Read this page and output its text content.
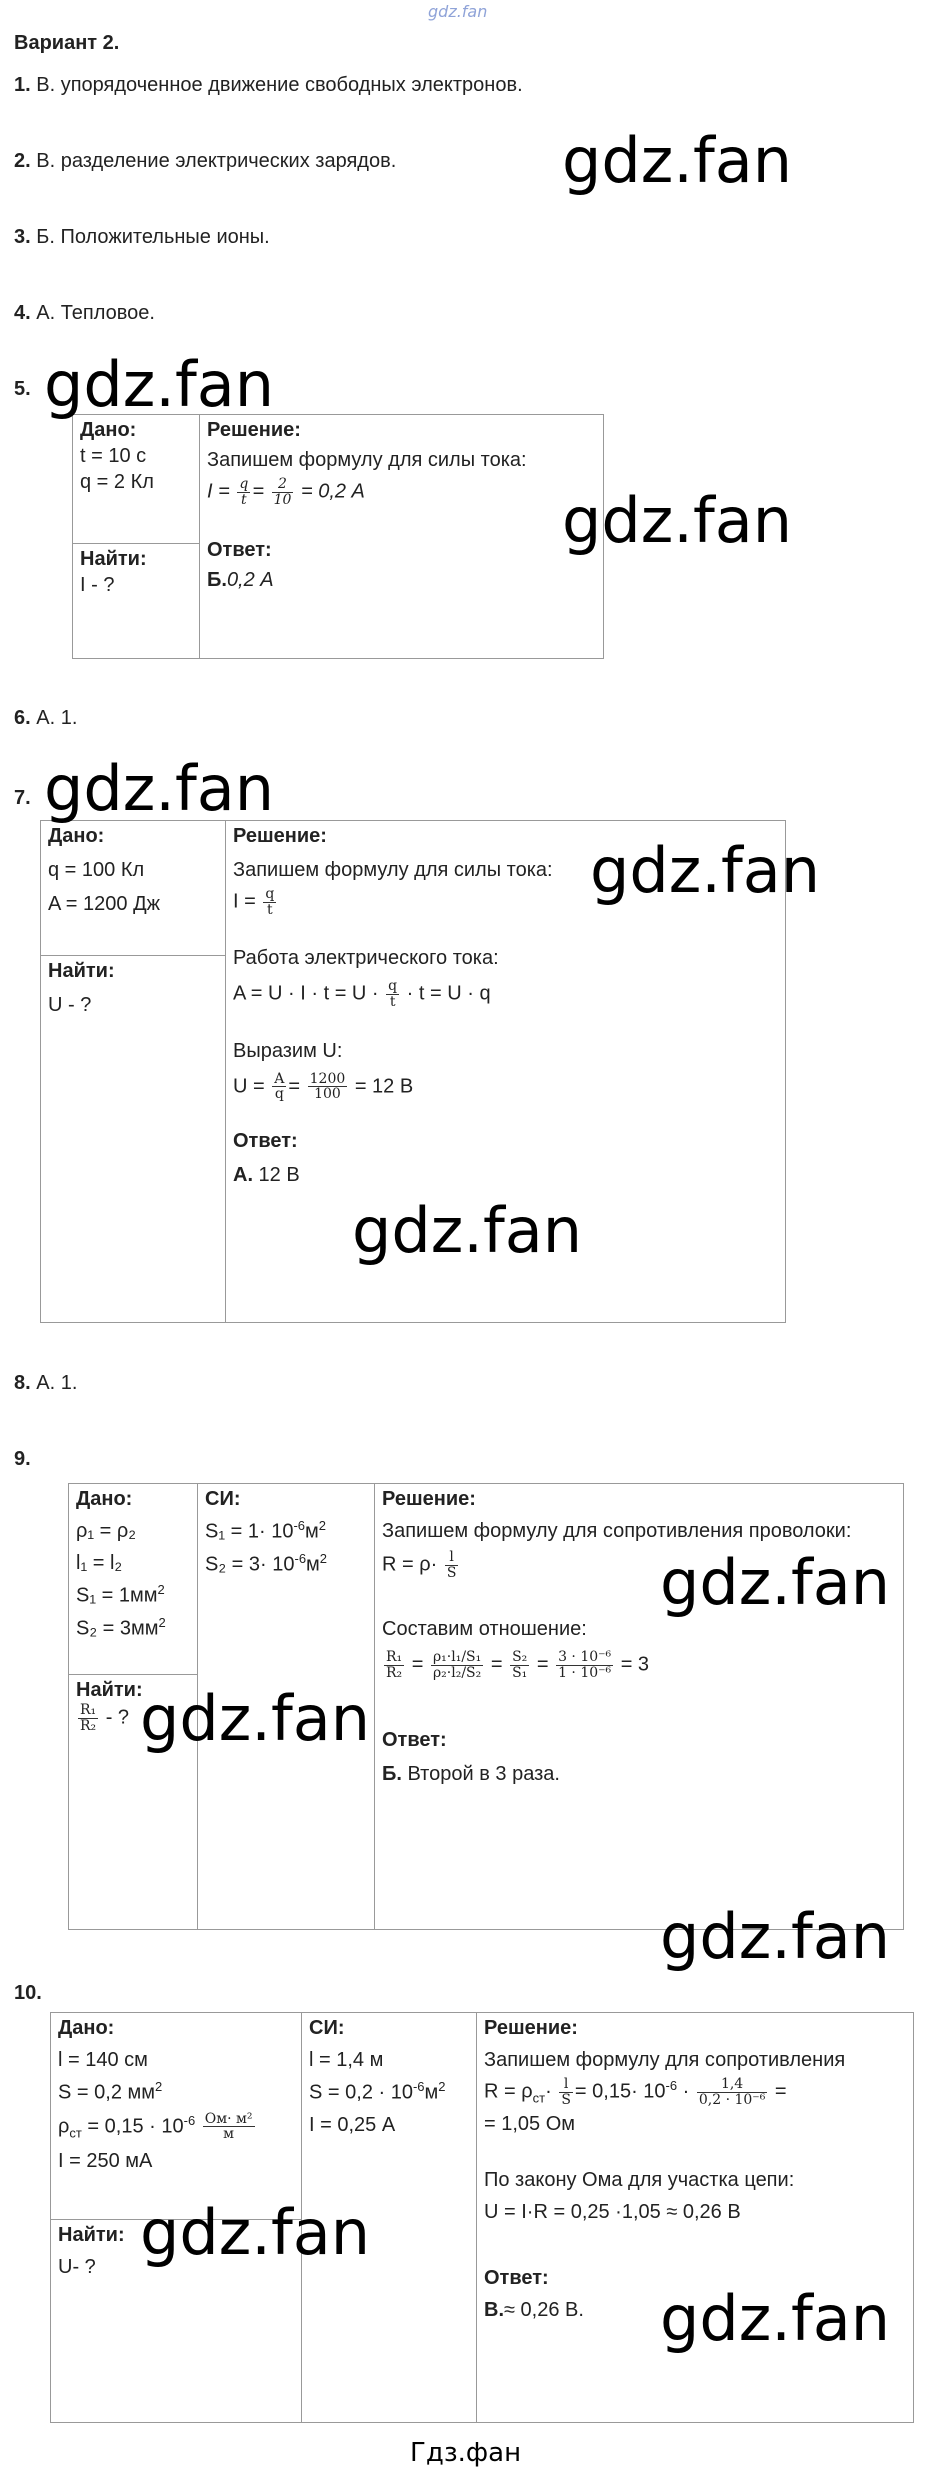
gdz.fan
Вариант 2.
1. В. упорядоченное движение свободных электронов.
2. В. разделение электрических зарядов.
3. Б. Положительные ионы.
4. А. Тепловое.
5.
Дано:
t = 10 с
q = 2 Кл

Решение:
Запишем формулу для силы тока:
$I = \frac{q}{t} = \frac{2}{10} = 0,2$ А
Ответ:
Б.0,2 А

Найти:
I - ?
6. А. 1.
7.
Дано:
q = 100 Кл
A = 1200 Дж

Решение:
Запишем формулу для силы тока:
$I = \frac{q}{t}$
Работа электрического тока:
$A = U \cdot I \cdot t = U \cdot \frac{q}{t} \cdot t = U \cdot q$
Выразим U:
$U = \frac{A}{q} = \frac{1200}{100} = 12$ В
Ответ:
А. 12 В

Найти:
U - ?
8. А. 1.
9.
Дано:
ρ₁ = ρ₂
l₁ = l₂
$S_1 = 1мм^2$
$S_2 = 3мм^2$

СИ:
$S_1 = 1\cdot 10^{-6}м^2$
$S_2 = 3\cdot 10^{-6}м^2$

Решение:
Запишем формулу для сопротивления проволоки:
$R = \rho\cdot \frac{l}{S}$
Составим отношение:
$\frac{\text{R₁}}{\text{R₂}} = \frac{\text{ρ₁·l₁/S₁}}{\text{ρ₂·l₂/S₂}} = \frac{\text{S₂}}{\text{S₁}} = \frac{\text{3 · 10⁻⁶}}{\text{1 · 10⁻⁶}} = 3$
Ответ:
Б. Второй в 3 раза.

Найти:
$\frac{\text{R₁}}{\text{R₂}}$ - ?
10.
Дано:
l = 140 см
S = 0,2 $мм^2$
$\rho_{ст} = 0,15 \cdot 10^{-6} \frac{\text{Ом· м²}}{м}$
I = 250 мА

СИ:
l = 1,4 м
$S = 0,2 \cdot 10^{-6}м^2$
I = 0,25 А

Решение:
Запишем формулу для сопротивления
$R = \rho_{ст}\cdot \frac{l}{S} = 0,15\cdot 10^{-6} \cdot \frac{1,4}{\text{0,2 · 10⁻⁶}}$ =
= 1,05 Ом
По закону Ома для участка цепи:
U = I·R = 0,25 ·1,05 ≈ 0,26 В
Ответ:
В.≈ 0,26 В.

Найти:
U- ?
gdz.fan
gdz.fan
gdz.fan
gdz.fan
gdz.fan
gdz.fan
gdz.fan
gdz.fan
gdz.fan
gdz.fan
gdz.fan
Гдз.фан
